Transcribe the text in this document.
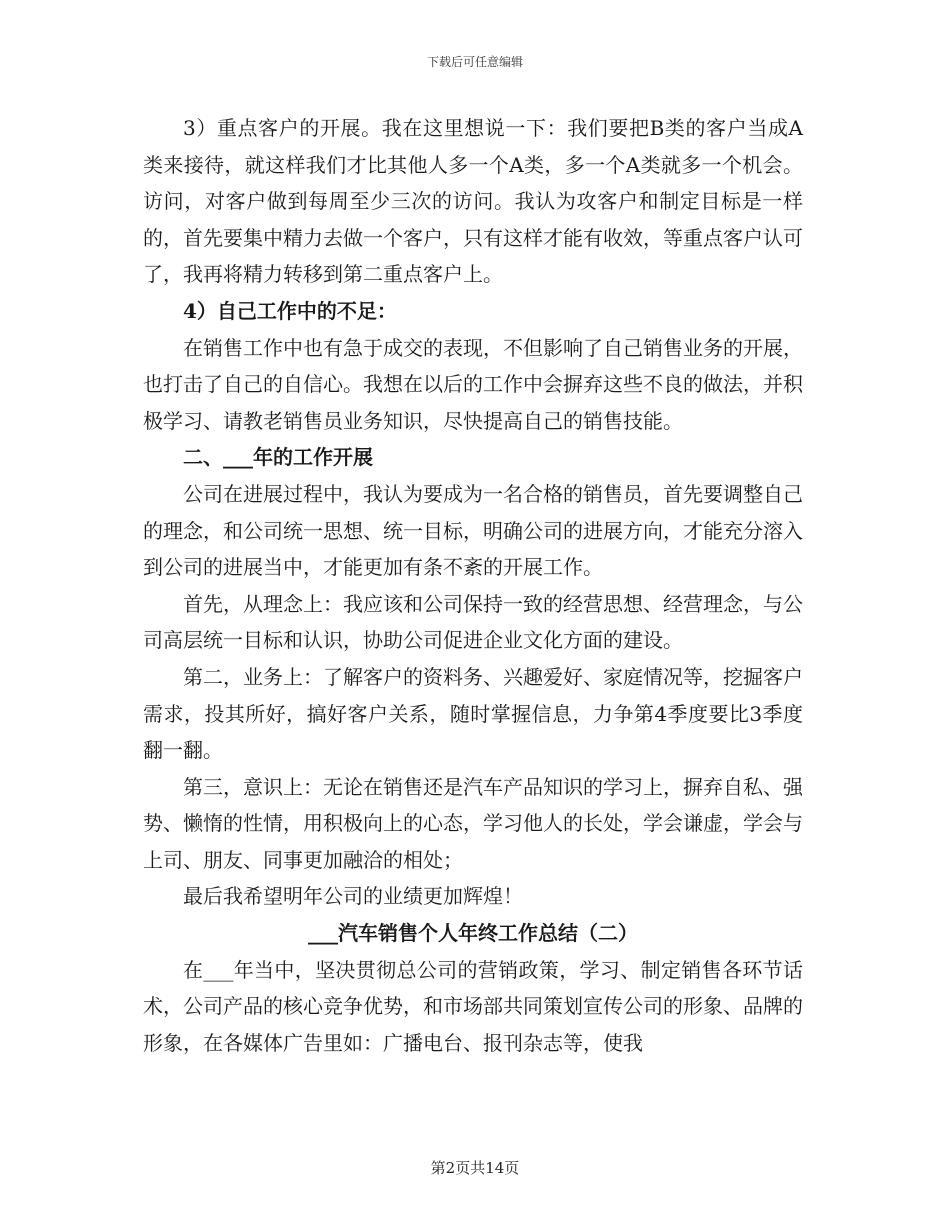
下载后可任意编辑

3）重点客户的开展。我在这里想说一下：我们要把B类的客户当成A类来接待，就这样我们才比其他人多一个A类，多一个A类就多一个机会。访问，对客户做到每周至少三次的访问。我认为攻客户和制定目标是一样的，首先要集中精力去做一个客户，只有这样才能有收效，等重点客户认可了，我再将精力转移到第二重点客户上。

4）自己工作中的不足：

在销售工作中也有急于成交的表现，不但影响了自己销售业务的开展，也打击了自己的自信心。我想在以后的工作中会摒弃这些不良的做法，并积极学习、请教老销售员业务知识，尽快提高自己的销售技能。

二、___年的工作开展

公司在进展过程中，我认为要成为一名合格的销售员，首先要调整自己的理念，和公司统一思想、统一目标，明确公司的进展方向，才能充分溶入到公司的进展当中，才能更加有条不紊的开展工作。

首先，从理念上：我应该和公司保持一致的经营思想、经营理念，与公司高层统一目标和认识，协助公司促进企业文化方面的建设。

第二，业务上：了解客户的资料务、兴趣爱好、家庭情况等，挖掘客户需求，投其所好，搞好客户关系，随时掌握信息，力争第4季度要比3季度翻一翻。

第三，意识上：无论在销售还是汽车产品知识的学习上，摒弃自私、强势、懒惰的性情，用积极向上的心态，学习他人的长处，学会谦虚，学会与上司、朋友、同事更加融洽的相处；

最后我希望明年公司的业绩更加辉煌！

___汽车销售个人年终工作总结（二）

在___年当中，坚决贯彻总公司的营销政策，学习、制定销售各环节话术，公司产品的核心竞争优势，和市场部共同策划宣传公司的形象、品牌的形象，在各媒体广告里如：广播电台、报刊杂志等，使我

第2页共14页
